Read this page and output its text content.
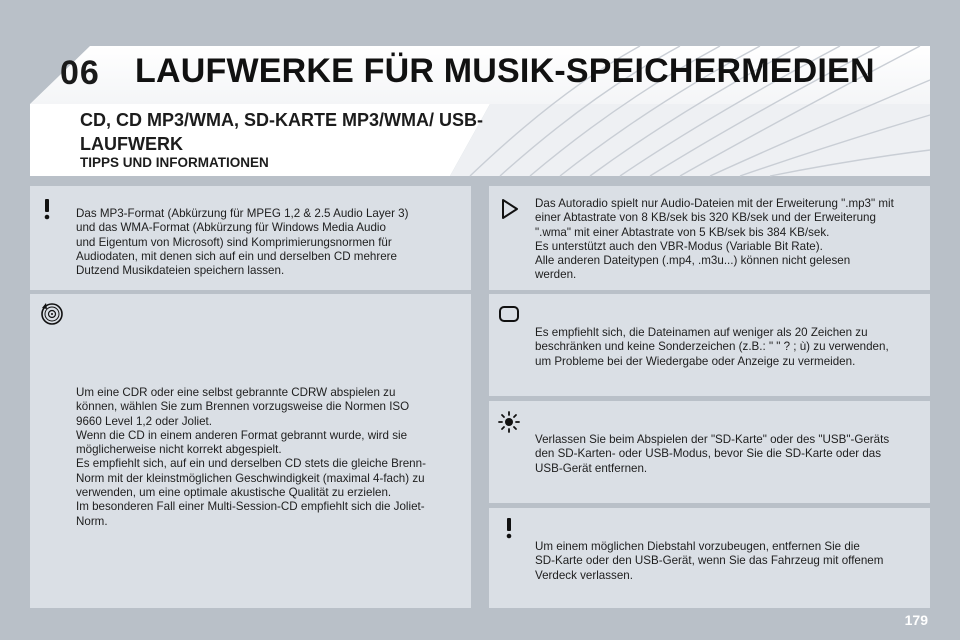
06	LAUFWERKE FÜR MUSIK-SPEICHERMEDIEN
CD, CD MP3/WMA, SD-KARTE MP3/WMA/ USB-LAUFWERK
TIPPS UND INFORMATIONEN
Das MP3-Format (Abkürzung für MPEG 1,2 & 2.5 Audio Layer 3)
und das WMA-Format (Abkürzung für Windows Media Audio
und Eigentum von Microsoft) sind Komprimierungsnormen für
Audiodaten, mit denen sich auf ein und derselben CD mehrere
Dutzend Musikdateien speichern lassen.
Um eine CDR oder eine selbst gebrannte CDRW abspielen zu
können, wählen Sie zum Brennen vorzugsweise die Normen ISO
9660 Level 1,2 oder Joliet.
Wenn die CD in einem anderen Format gebrannt wurde, wird sie
möglicherweise nicht korrekt abgespielt.
Es empfiehlt sich, auf ein und derselben CD stets die gleiche Brenn-
Norm mit der kleinstmöglichen Geschwindigkeit (maximal 4-fach) zu
verwenden, um eine optimale akustische Qualität zu erzielen.
Im besonderen Fall einer Multi-Session-CD empfiehlt sich die Joliet-
Norm.
Das Autoradio spielt nur Audio-Dateien mit der Erweiterung ".mp3" mit
einer Abtastrate von 8 KB/sek bis 320 KB/sek und der Erweiterung
".wma" mit einer Abtastrate von 5 KB/sek bis 384 KB/sek.
Es unterstützt auch den VBR-Modus (Variable Bit Rate).
Alle anderen Dateitypen (.mp4, .m3u...) können nicht gelesen
werden.
Es empfiehlt sich, die Dateinamen auf weniger als 20 Zeichen zu
beschränken und keine Sonderzeichen (z.B.: " " ? ; ù) zu verwenden,
um Probleme bei der Wiedergabe oder Anzeige zu vermeiden.
Verlassen Sie beim Abspielen der "SD-Karte" oder des "USB"-Geräts
den SD-Karten- oder USB-Modus, bevor Sie die SD-Karte oder das
USB-Gerät entfernen.
Um einem möglichen Diebstahl vorzubeugen, entfernen Sie die
SD-Karte oder den USB-Gerät, wenn Sie das Fahrzeug mit offenem
Verdeck verlassen.
179
